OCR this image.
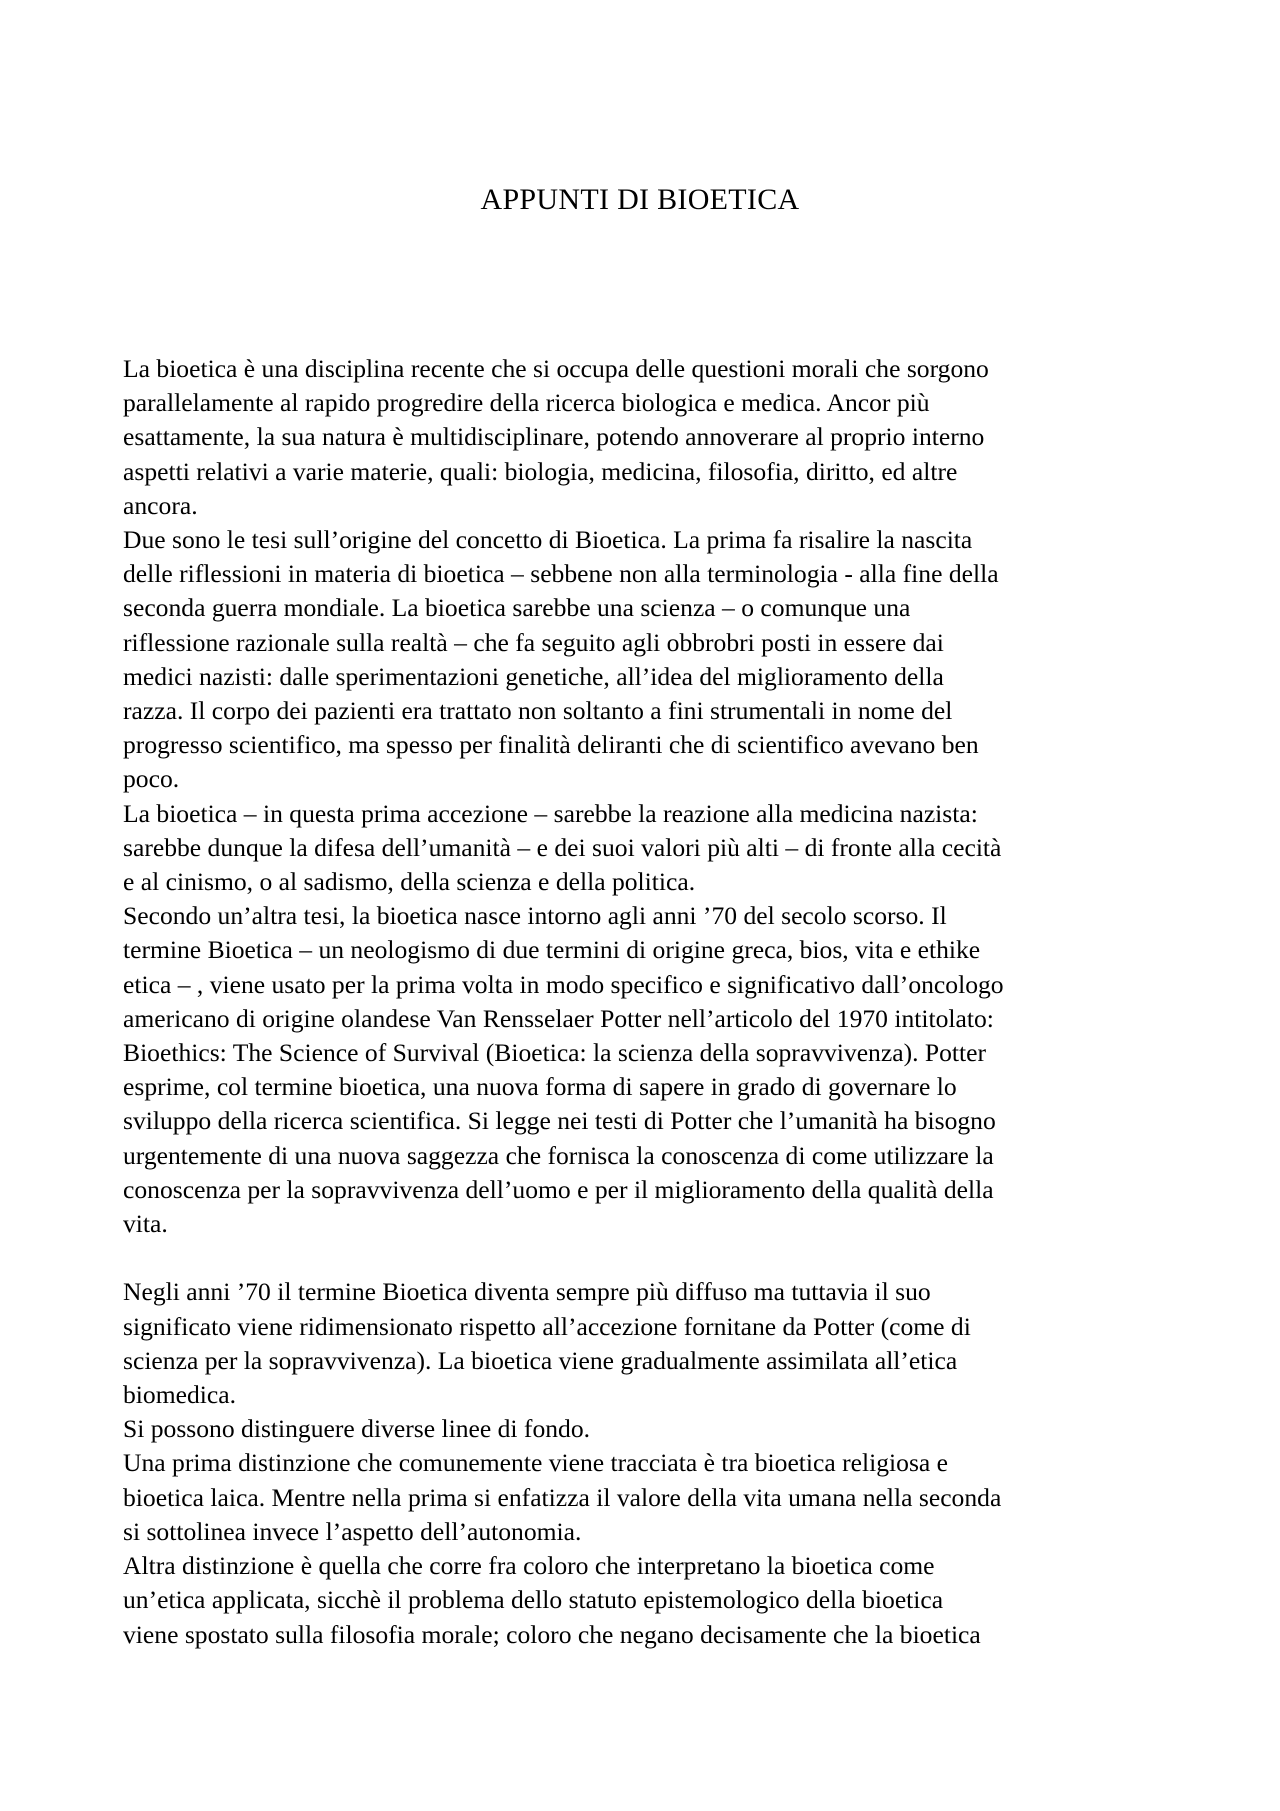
APPUNTI DI BIOETICA

La bioetica è una disciplina recente che si occupa delle questioni morali che sorgono

parallelamente al rapido progredire della ricerca biologica e medica. Ancor più

esattamente, la sua natura è multidisciplinare, potendo annoverare al proprio interno

aspetti relativi a varie materie, quali: biologia, medicina, filosofia, diritto, ed altre

ancora.

Due sono le tesi sull’origine del concetto di Bioetica. La prima fa risalire la nascita

delle riflessioni in materia di bioetica – sebbene non alla terminologia - alla fine della

seconda guerra mondiale. La bioetica sarebbe una scienza – o comunque una

riflessione razionale sulla realtà – che fa seguito agli obbrobri posti in essere dai

medici nazisti: dalle sperimentazioni genetiche, all’idea del miglioramento della

razza. Il corpo dei pazienti era trattato non soltanto a fini strumentali in nome del

progresso scientifico, ma spesso per finalità deliranti che di scientifico avevano ben

poco.

La bioetica – in questa prima accezione – sarebbe la reazione alla medicina nazista:

sarebbe dunque la difesa dell’umanità – e dei suoi valori più alti – di fronte alla cecità

e al cinismo, o al sadismo, della scienza e della politica.

Secondo un’altra tesi, la bioetica nasce intorno agli anni ’70 del secolo scorso. Il

termine Bioetica – un neologismo di due termini di origine greca, bios, vita e ethike

etica – , viene usato per la prima volta in modo specifico e significativo dall’oncologo

americano di origine olandese Van Rensselaer Potter nell’articolo del 1970 intitolato:

Bioethics: The Science of Survival (Bioetica: la scienza della sopravvivenza). Potter

esprime, col termine bioetica, una nuova forma di sapere in grado di governare lo

sviluppo della ricerca scientifica. Si legge nei testi di Potter che l’umanità ha bisogno

urgentemente di una nuova saggezza che fornisca la conoscenza di come utilizzare la

conoscenza per la sopravvivenza dell’uomo e per il miglioramento della qualità della

vita.

Negli anni ’70 il termine Bioetica diventa sempre più diffuso ma tuttavia il suo

significato viene ridimensionato rispetto all’accezione fornitane da Potter (come di

scienza per la sopravvivenza). La bioetica viene gradualmente assimilata all’etica

biomedica.

Si possono distinguere diverse linee di fondo.

Una prima distinzione che comunemente viene tracciata è tra bioetica religiosa e

bioetica laica. Mentre nella prima si enfatizza il valore della vita umana nella seconda

si sottolinea invece l’aspetto dell’autonomia.

Altra distinzione è quella che corre fra coloro che interpretano la bioetica come

un’etica applicata, sicchè il problema dello statuto epistemologico della bioetica

viene spostato sulla filosofia morale; coloro che negano decisamente che la bioetica
